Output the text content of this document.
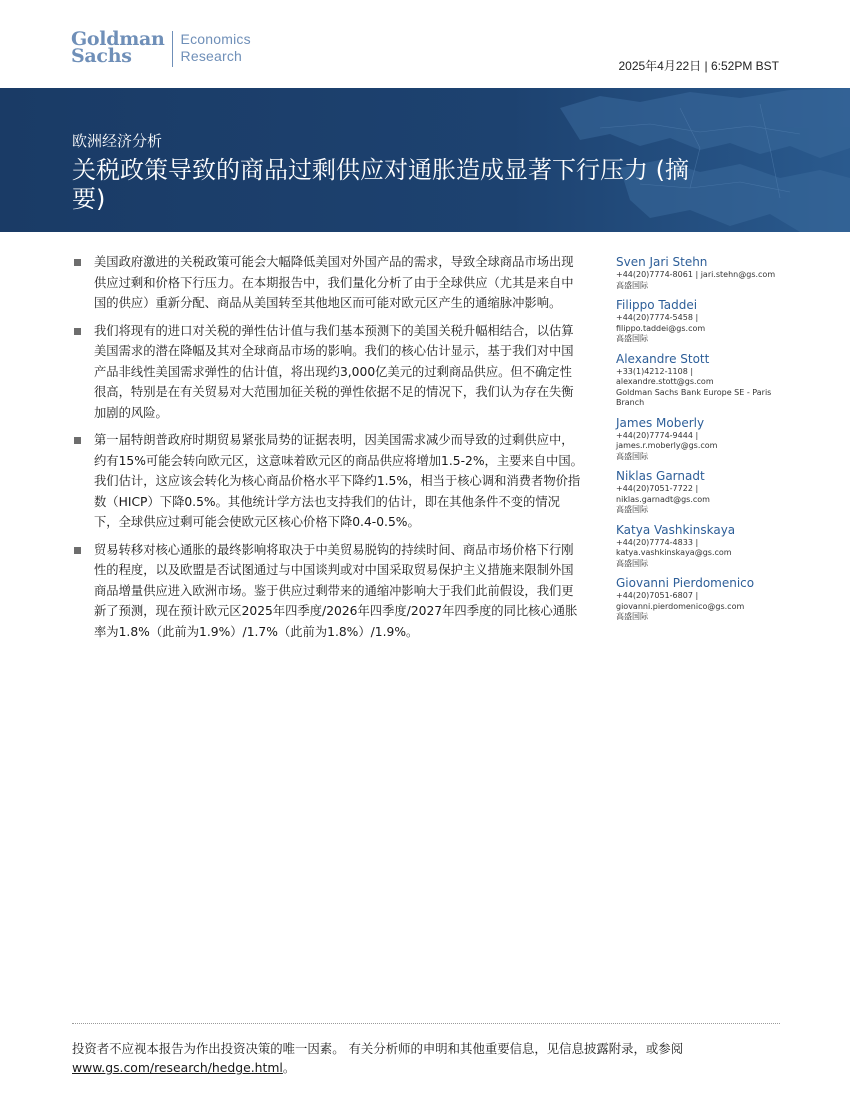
Goldman
Sachs
Economics
Research
2025年4月22日 | 6:52PM BST
欧洲经济分析
关税政策导致的商品过剩供应对通胀造成显著下行压力 (摘要)
美国政府激进的关税政策可能会大幅降低美国对外国产品的需求，导致全球商品市场出现供应过剩和价格下行压力。在本期报告中，我们量化分析了由于全球供应（尤其是来自中国的供应）重新分配、商品从美国转至其他地区而可能对欧元区产生的通缩脉冲影响。
我们将现有的进口对关税的弹性估计值与我们基本预测下的美国关税升幅相结合，以估算美国需求的潜在降幅及其对全球商品市场的影响。我们的核心估计显示，基于我们对中国产品非线性美国需求弹性的估计值，将出现约3,000亿美元的过剩商品供应。但不确定性很高，特别是在有关贸易对大范围加征关税的弹性依据不足的情况下，我们认为存在失衡加剧的风险。
第一届特朗普政府时期贸易紧张局势的证据表明，因美国需求减少而导致的过剩供应中，约有15%可能会转向欧元区，这意味着欧元区的商品供应将增加1.5-2%，主要来自中国。我们估计，这应该会转化为核心商品价格水平下降约1.5%，相当于核心调和消费者物价指数（HICP）下降0.5%。其他统计学方法也支持我们的估计，即在其他条件不变的情况下，全球供应过剩可能会使欧元区核心价格下降0.4-0.5%。
贸易转移对核心通胀的最终影响将取决于中美贸易脱钩的持续时间、商品市场价格下行刚性的程度，以及欧盟是否试图通过与中国谈判或对中国采取贸易保护主义措施来限制外国商品增量供应进入欧洲市场。鉴于供应过剩带来的通缩冲影响大于我们此前假设，我们更新了预测，现在预计欧元区2025年四季度/2026年四季度/2027年四季度的同比核心通胀率为1.8%（此前为1.9%）/1.7%（此前为1.8%）/1.9%。
Sven Jari Stehn
+44(20)7774-8061 | jari.stehn@gs.com
高盛国际
Filippo Taddei
+44(20)7774-5458 | filippo.taddei@gs.com
高盛国际
Alexandre Stott
+33(1)4212-1108 | alexandre.stott@gs.com
Goldman Sachs Bank Europe SE - Paris Branch
James Moberly
+44(20)7774-9444 | james.r.moberly@gs.com
高盛国际
Niklas Garnadt
+44(20)7051-7722 | niklas.garnadt@gs.com
高盛国际
Katya Vashkinskaya
+44(20)7774-4833 | katya.vashkinskaya@gs.com
高盛国际
Giovanni Pierdomenico
+44(20)7051-6807 | giovanni.pierdomenico@gs.com
高盛国际
投资者不应视本报告为作出投资决策的唯一因素。 有关分析师的申明和其他重要信息，见信息披露附录，或参阅www.gs.com/research/hedge.html。
